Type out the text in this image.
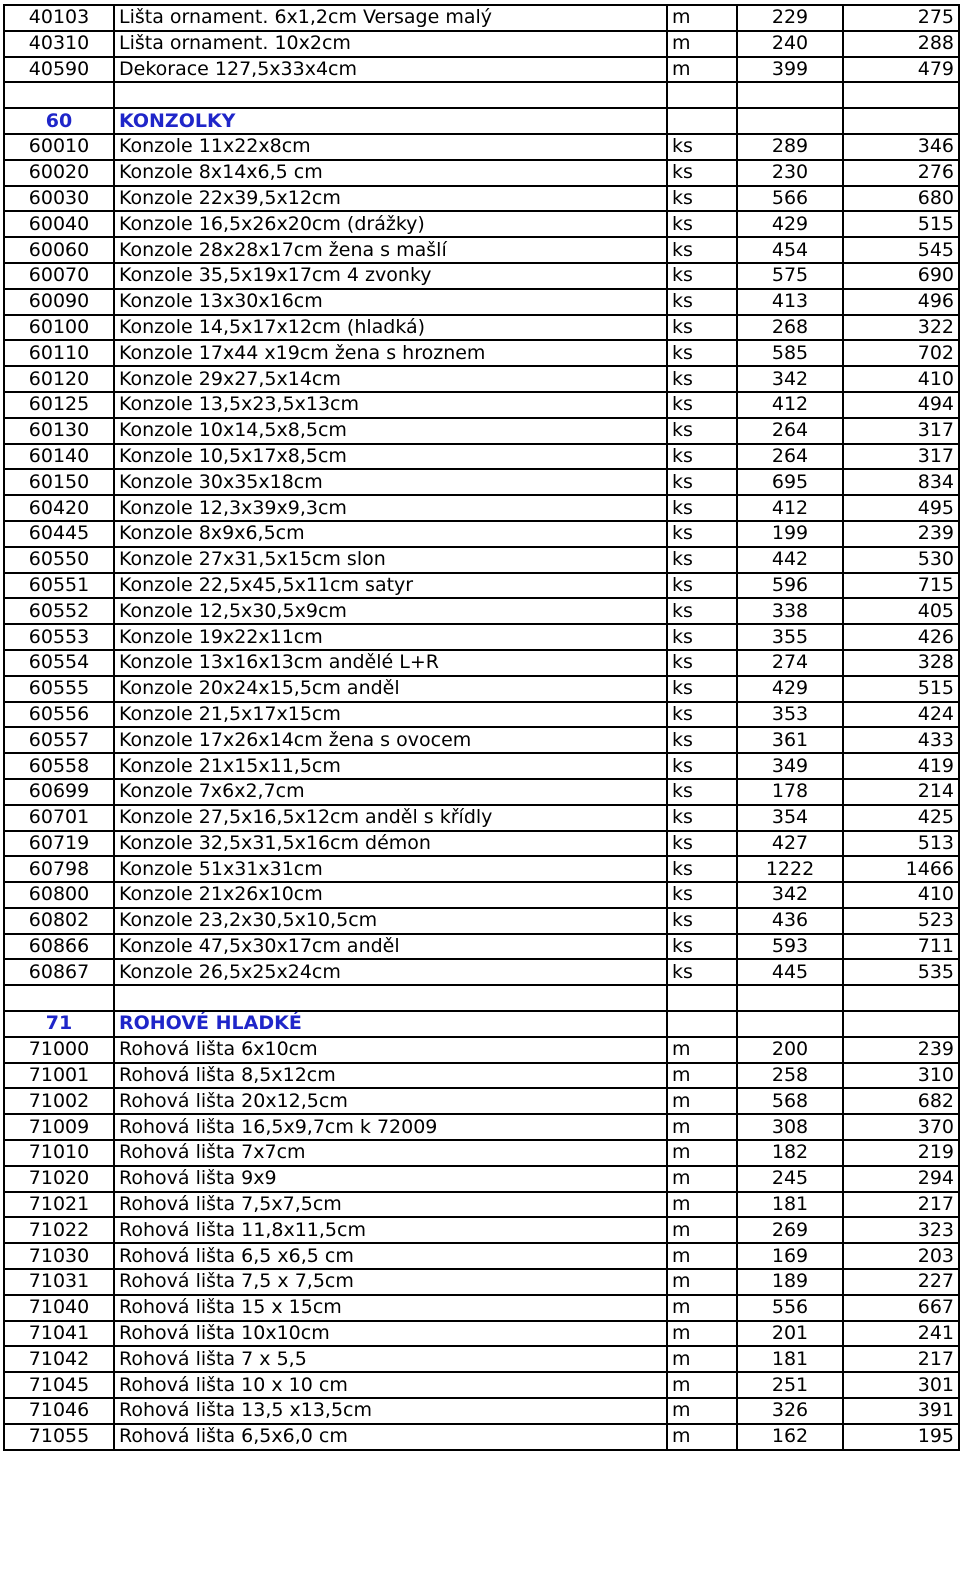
40103	Lišta ornament. 6x1,2cm Versage malý	m	229	275
40310	Lišta ornament. 10x2cm	m	240	288
40590	Dekorace 127,5x33x4cm	m	399	479

60	KONZOLKY			
60010	Konzole 11x22x8cm	ks	289	346
60020	Konzole 8x14x6,5 cm	ks	230	276
60030	Konzole 22x39,5x12cm	ks	566	680
60040	Konzole 16,5x26x20cm (drážky)	ks	429	515
60060	Konzole 28x28x17cm žena s mašlí	ks	454	545
60070	Konzole 35,5x19x17cm 4 zvonky	ks	575	690
60090	Konzole 13x30x16cm	ks	413	496
60100	Konzole 14,5x17x12cm (hladká)	ks	268	322
60110	Konzole 17x44 x19cm žena s hroznem	ks	585	702
60120	Konzole 29x27,5x14cm	ks	342	410
60125	Konzole 13,5x23,5x13cm	ks	412	494
60130	Konzole 10x14,5x8,5cm	ks	264	317
60140	Konzole 10,5x17x8,5cm	ks	264	317
60150	Konzole 30x35x18cm	ks	695	834
60420	Konzole 12,3x39x9,3cm	ks	412	495
60445	Konzole 8x9x6,5cm	ks	199	239
60550	Konzole 27x31,5x15cm slon	ks	442	530
60551	Konzole 22,5x45,5x11cm satyr	ks	596	715
60552	Konzole 12,5x30,5x9cm	ks	338	405
60553	Konzole 19x22x11cm	ks	355	426
60554	Konzole 13x16x13cm andělé L+R	ks	274	328
60555	Konzole 20x24x15,5cm anděl	ks	429	515
60556	Konzole 21,5x17x15cm	ks	353	424
60557	Konzole 17x26x14cm žena s ovocem	ks	361	433
60558	Konzole 21x15x11,5cm	ks	349	419
60699	Konzole 7x6x2,7cm	ks	178	214
60701	Konzole 27,5x16,5x12cm anděl s křídly	ks	354	425
60719	Konzole 32,5x31,5x16cm démon	ks	427	513
60798	Konzole 51x31x31cm	ks	1222	1466
60800	Konzole 21x26x10cm	ks	342	410
60802	Konzole 23,2x30,5x10,5cm	ks	436	523
60866	Konzole 47,5x30x17cm anděl	ks	593	711
60867	Konzole 26,5x25x24cm	ks	445	535

71	ROHOVÉ HLADKÉ			
71000	Rohová lišta 6x10cm	m	200	239
71001	Rohová lišta 8,5x12cm	m	258	310
71002	Rohová lišta 20x12,5cm	m	568	682
71009	Rohová lišta 16,5x9,7cm k 72009	m	308	370
71010	Rohová lišta 7x7cm	m	182	219
71020	Rohová lišta 9x9	m	245	294
71021	Rohová lišta 7,5x7,5cm	m	181	217
71022	Rohová lišta 11,8x11,5cm	m	269	323
71030	Rohová lišta 6,5 x6,5 cm	m	169	203
71031	Rohová lišta 7,5 x 7,5cm	m	189	227
71040	Rohová lišta 15 x 15cm	m	556	667
71041	Rohová lišta 10x10cm	m	201	241
71042	Rohová lišta 7 x 5,5	m	181	217
71045	Rohová lišta 10 x 10 cm	m	251	301
71046	Rohová lišta 13,5 x13,5cm	m	326	391
71055	Rohová lišta 6,5x6,0 cm	m	162	195
